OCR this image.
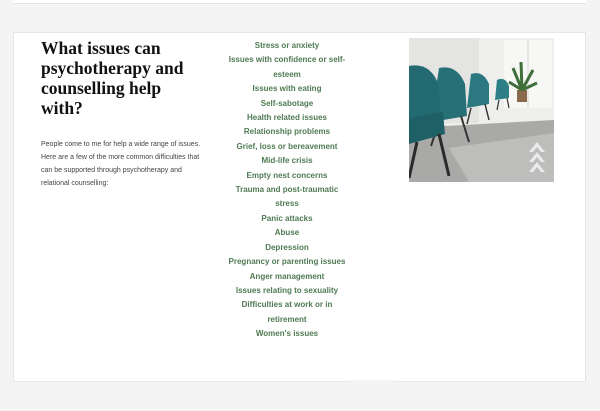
What issues can psychotherapy and counselling help with?

People come to me for help a wide range of issues. Here are a few of the more common difficulties that can be supported through psychotherapy and relational counselling:

Stress or anxiety
Issues with confidence or self-esteem
Issues with eating
Self-sabotage
Health related issues
Relationship problems
Grief, loss or bereavement
Mid-life crisis
Empty nest concerns
Trauma and post-traumatic stress
Panic attacks
Abuse
Depression
Pregnancy or parenting issues
Anger management
Issues relating to sexuality
Difficulties at work or in retirement
Women's issues
